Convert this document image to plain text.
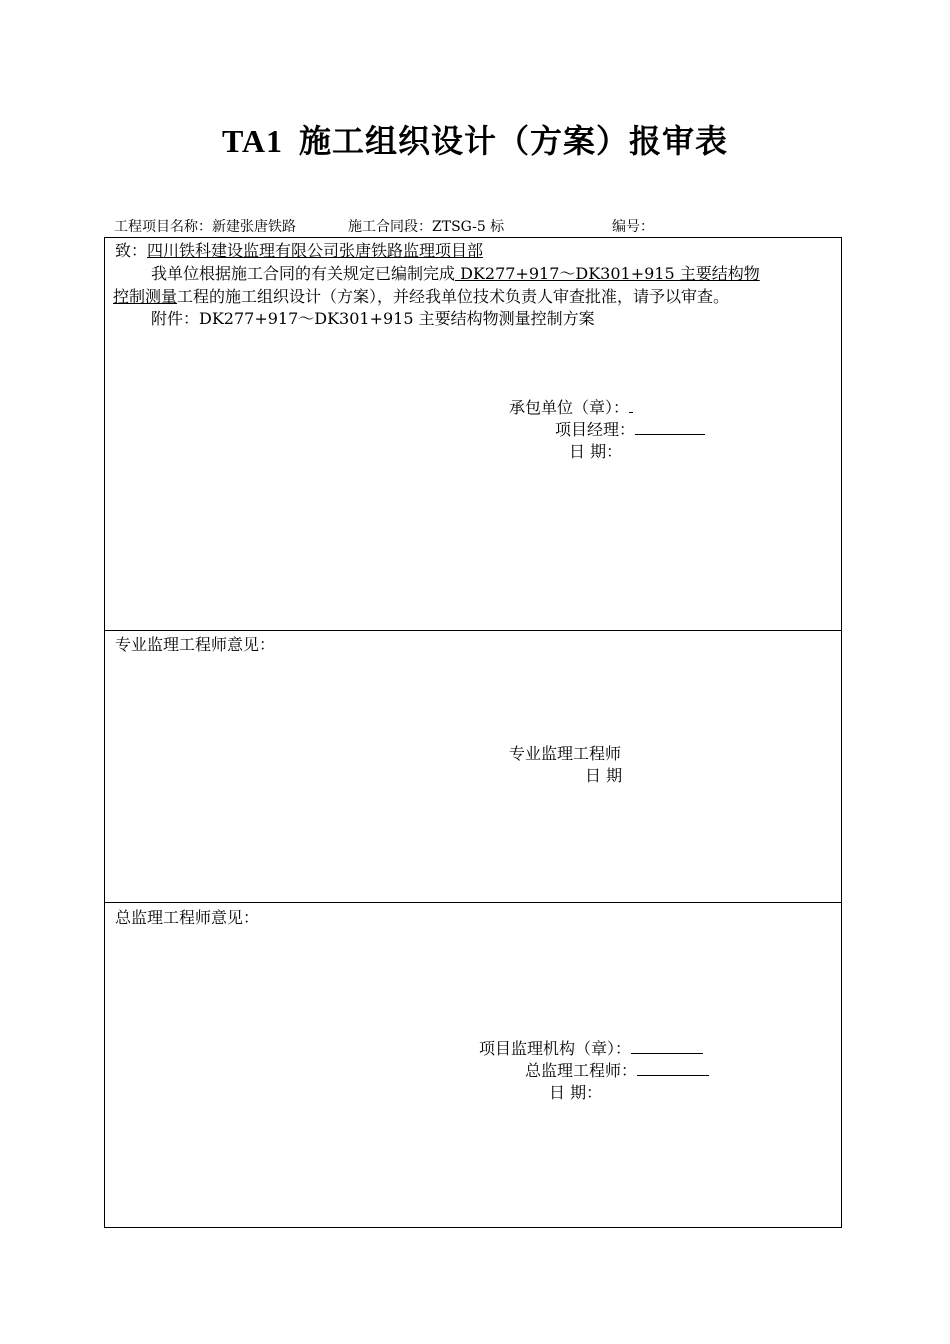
TA1 施工组织设计（方案）报审表
工程项目名称：新建张唐铁路	施工合同段：ZTSG-5 标	编号：
致：四川铁科建设监理有限公司张唐铁路监理项目部
我单位根据施工合同的有关规定已编制完成 DK277+917～DK301+915 主要结构物
控制测量工程的施工组织设计（方案），并经我单位技术负责人审查批准，请予以审查。
附件：DK277+917～DK301+915 主要结构物测量控制方案
承包单位（章）：
项目经理：
日 期：
专业监理工程师意见：
专业监理工程师
日 期
总监理工程师意见：
项目监理机构（章）：
总监理工程师：
日 期：
